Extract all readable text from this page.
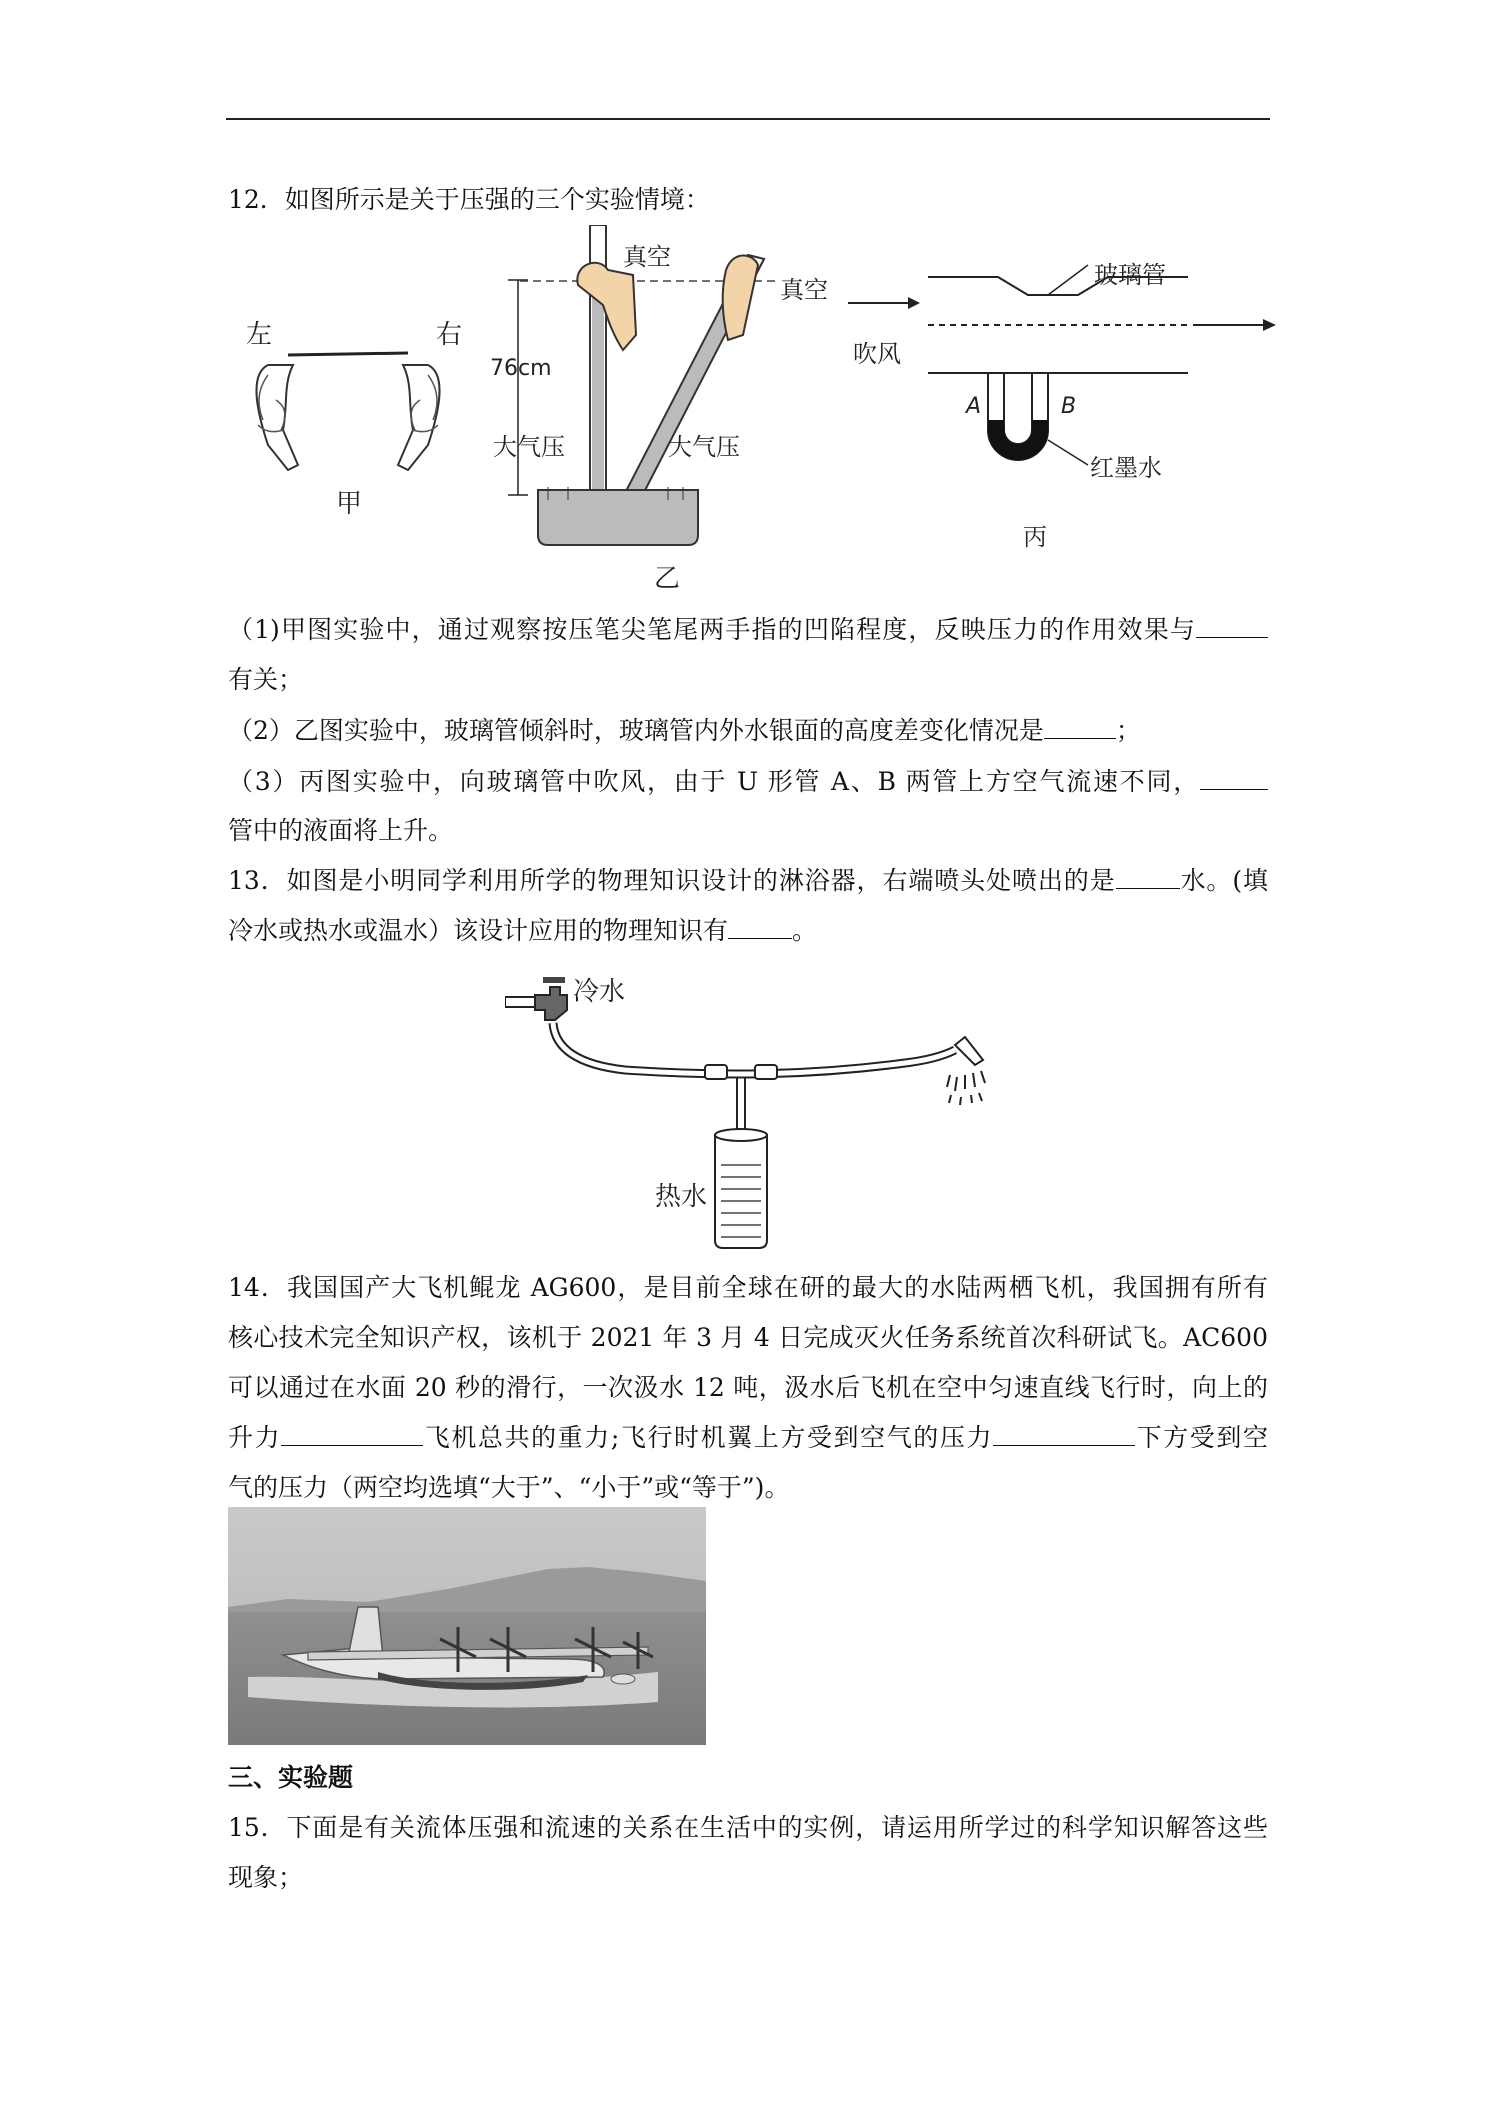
12．如图所示是关于压强的三个实验情境：
左	右
甲
76cm
真空
真空
大气压	大气压
乙
吹风
玻璃管
A	B
红墨水
丙
（1)甲图实验中，通过观察按压笔尖笔尾两手指的凹陷程度，反映压力的作用效果与
有关；
（2）乙图实验中，玻璃管倾斜时，玻璃管内外水银面的高度差变化情况是	；
（3）丙图实验中，向玻璃管中吹风，由于 U 形管 A、B 两管上方空气流速不同，
管中的液面将上升。
13．如图是小明同学利用所学的物理知识设计的淋浴器，右端喷头处喷出的是	水。(填
冷水或热水或温水）该设计应用的物理知识有	。
冷水
热水
14．我国国产大飞机鲲龙 AG600，是目前全球在研的最大的水陆两栖飞机，我国拥有所有
核心技术完全知识产权，该机于 2021 年 3 月 4 日完成灭火任务系统首次科研试飞。AC600
可以通过在水面 20 秒的滑行，一次汲水 12 吨，汲水后飞机在空中匀速直线飞行时，向上的
升力	飞机总共的重力;飞行时机翼上方受到空气的压力	下方受到空
气的压力（两空均选填“大于”、“小于”或“等于”)。
三、实验题
15．下面是有关流体压强和流速的关系在生活中的实例，请运用所学过的科学知识解答这些
现象；
